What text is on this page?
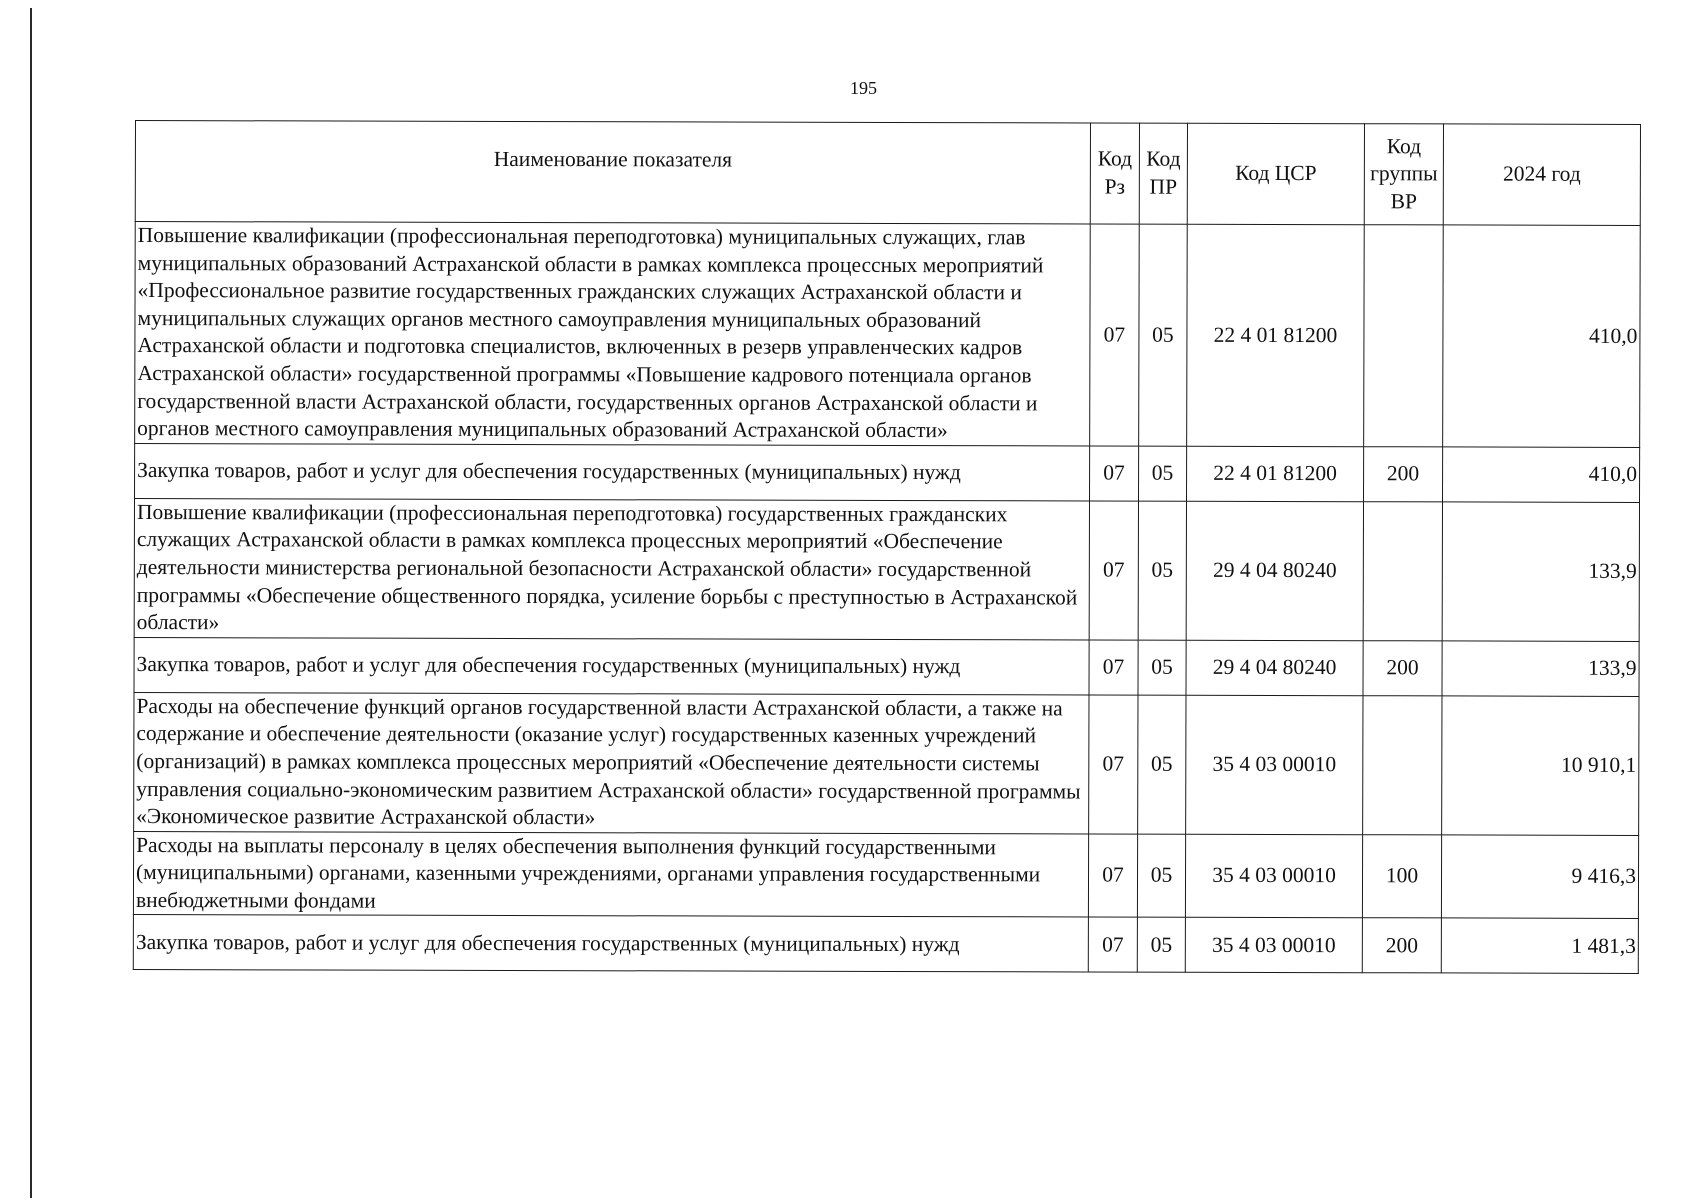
195
Наименование показателя	Код Рз	Код ПР	Код ЦСР	Код группы ВР	2024 год

Повышение квалификации (профессиональная переподготовка) муниципальных служащих, глав муниципальных образований Астраханской области в рамках комплекса процессных мероприятий «Профессиональное развитие государственных гражданских служащих Астраханской области и муниципальных служащих органов местного самоуправления муниципальных образований Астраханской области и подготовка специалистов, включенных в резерв управленческих кадров Астраханской области» государственной программы «Повышение кадрового потенциала органов государственной власти Астраханской области, государственных органов Астраханской области и органов местного самоуправления муниципальных образований Астраханской области»	07	05	22 4 01 81200		410,0
Закупка товаров, работ и услуг для обеспечения государственных (муниципальных) нужд	07	05	22 4 01 81200	200	410,0
Повышение квалификации (профессиональная переподготовка) государственных гражданских служащих Астраханской области в рамках комплекса процессных мероприятий «Обеспечение деятельности министерства региональной безопасности Астраханской области» государственной программы «Обеспечение общественного порядка, усиление борьбы с преступностью в Астраханской области»	07	05	29 4 04 80240		133,9
Закупка товаров, работ и услуг для обеспечения государственных (муниципальных) нужд	07	05	29 4 04 80240	200	133,9
Расходы на обеспечение функций органов государственной власти Астраханской области, а также на содержание и обеспечение деятельности (оказание услуг) государственных казенных учреждений (организаций) в рамках комплекса процессных мероприятий «Обеспечение деятельности системы управления социально-экономическим развитием Астраханской области» государственной программы «Экономическое развитие Астраханской области»	07	05	35 4 03 00010		10 910,1
Расходы на выплаты персоналу в целях обеспечения выполнения функций государственными (муниципальными) органами, казенными учреждениями, органами управления государственными внебюджетными фондами	07	05	35 4 03 00010	100	9 416,3
Закупка товаров, работ и услуг для обеспечения государственных (муниципальных) нужд	07	05	35 4 03 00010	200	1 481,3
